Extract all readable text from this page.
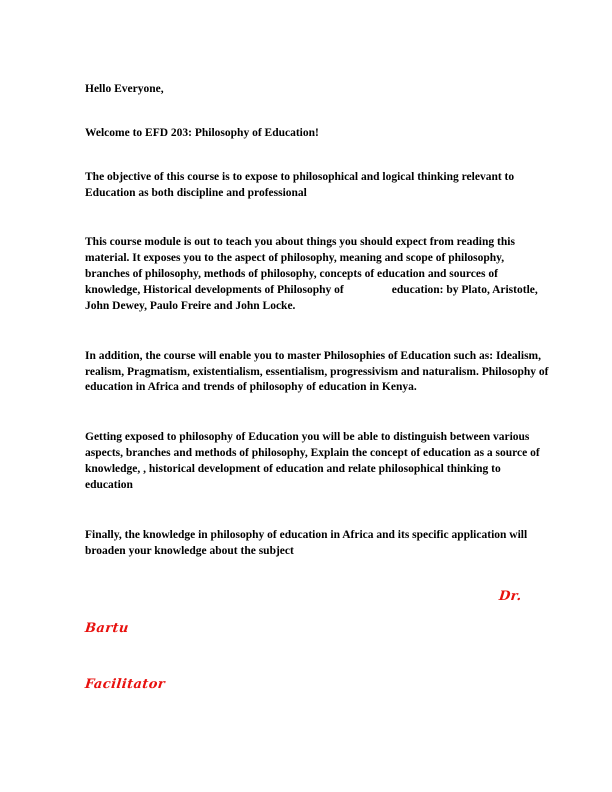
Hello Everyone,

Welcome to EFD 203: Philosophy of Education!

The objective of this course is to expose to philosophical and logical thinking relevant to Education as both discipline and professional

This course module is out to teach you about things you should expect from reading this material. It exposes you to the aspect of philosophy, meaning and scope of philosophy, branches of philosophy, methods of philosophy, concepts of education and sources of knowledge, Historical developments of Philosophy of	education: by Plato, Aristotle, John Dewey, Paulo Freire and John Locke.

In addition, the course will enable you to master Philosophies of Education such as: Idealism, realism, Pragmatism, existentialism, essentialism, progressivism and naturalism. Philosophy of education in Africa and trends of philosophy of education in Kenya.

Getting exposed to philosophy of Education you will be able to distinguish between various aspects, branches and methods of philosophy, Explain the concept of education as a source of knowledge, , historical development of education and relate philosophical thinking to education

Finally, the knowledge in philosophy of education in Africa and its specific application will broaden your knowledge about the subject

Dr.
Bartu
Facilitator
